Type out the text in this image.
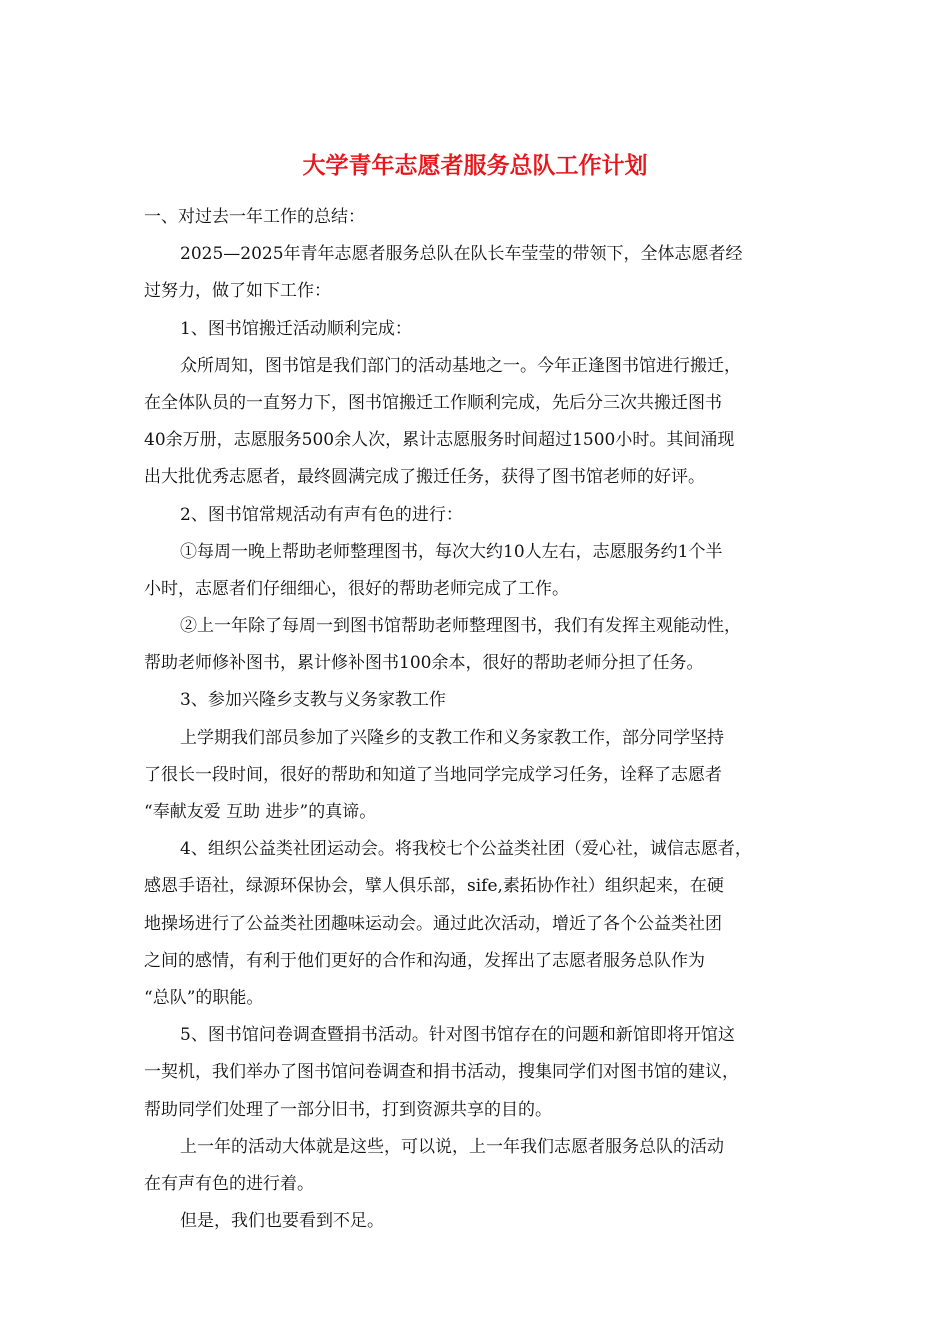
大学青年志愿者服务总队工作计划
一、对过去一年工作的总结：
2025—2025年青年志愿者服务总队在队长车莹莹的带领下，全体志愿者经
过努力，做了如下工作：
1、图书馆搬迁活动顺利完成：
众所周知，图书馆是我们部门的活动基地之一。今年正逢图书馆进行搬迁，
在全体队员的一直努力下，图书馆搬迁工作顺利完成，先后分三次共搬迁图书
40余万册，志愿服务500余人次，累计志愿服务时间超过1500小时。其间涌现
出大批优秀志愿者，最终圆满完成了搬迁任务，获得了图书馆老师的好评。
2、图书馆常规活动有声有色的进行：
①每周一晚上帮助老师整理图书，每次大约10人左右，志愿服务约1个半
小时，志愿者们仔细细心，很好的帮助老师完成了工作。
②上一年除了每周一到图书馆帮助老师整理图书，我们有发挥主观能动性，
帮助老师修补图书，累计修补图书100余本，很好的帮助老师分担了任务。
3、参加兴隆乡支教与义务家教工作
上学期我们部员参加了兴隆乡的支教工作和义务家教工作，部分同学坚持
了很长一段时间，很好的帮助和知道了当地同学完成学习任务，诠释了志愿者
“奉献友爱 互助 进步”的真谛。
4、组织公益类社团运动会。将我校七个公益类社团（爱心社，诚信志愿者，
感恩手语社，绿源环保协会，擘人俱乐部，sife,素拓协作社）组织起来，在硬
地操场进行了公益类社团趣味运动会。通过此次活动，增近了各个公益类社团
之间的感情，有利于他们更好的合作和沟通，发挥出了志愿者服务总队作为
“总队”的职能。
5、图书馆问卷调查暨捐书活动。针对图书馆存在的问题和新馆即将开馆这
一契机，我们举办了图书馆问卷调查和捐书活动，搜集同学们对图书馆的建议，
帮助同学们处理了一部分旧书，打到资源共享的目的。
上一年的活动大体就是这些，可以说，上一年我们志愿者服务总队的活动
在有声有色的进行着。
但是，我们也要看到不足。
